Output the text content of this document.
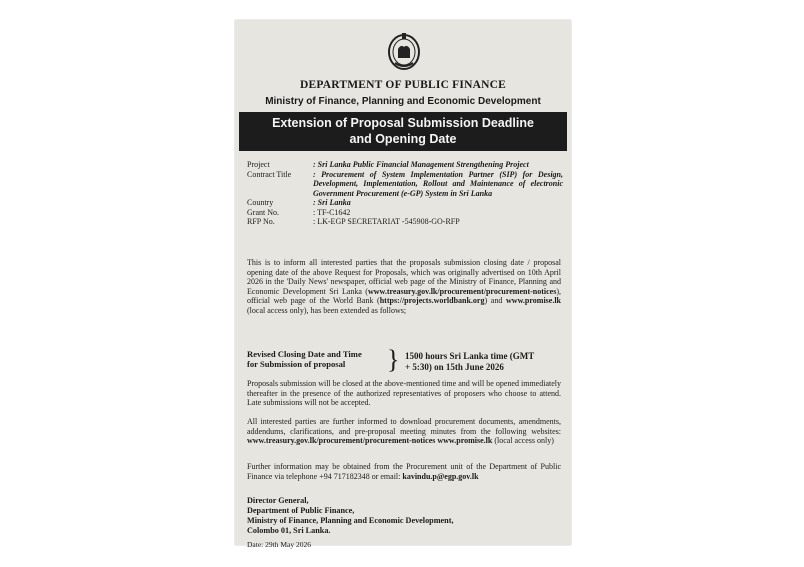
DEPARTMENT OF PUBLIC FINANCE
Ministry of Finance, Planning and Economic Development
Extension of Proposal Submission Deadline
and Opening Date
Project	: Sri Lanka Public Financial Management Strengthening Project
Contract Title	: Procurement of System Implementation Partner (SIP) for Design, Development, Implementation, Rollout and Maintenance of electronic Government Procurement (e-GP) System in Sri Lanka
Country	: Sri Lanka
Grant No.	: TF-C1642
RFP No.	: LK-EGP SECRETARIAT -545908-GO-RFP
This is to inform all interested parties that the proposals submission closing date / proposal opening date of the above Request for Proposals, which was originally advertised on 10th April 2026 in the 'Daily News' newspaper, official web page of the Ministry of Finance, Planning and Economic Development Sri Lanka (www.treasury.gov.lk/procurement/procurement-notices), official web page of the World Bank (https://projects.worldbank.org) and www.promise.lk (local access only), has been extended as follows;
Revised Closing Date and Time
for Submission of proposal	} 1500 hours Sri Lanka time (GMT
+ 5:30) on 15th June 2026
Proposals submission will be closed at the above-mentioned time and will be opened immediately thereafter in the presence of the authorized representatives of proposers who choose to attend. Late submissions will not be accepted.
All interested parties are further informed to download procurement documents, amendments, addendums, clarifications, and pre-proposal meeting minutes from the following websites: www.treasury.gov.lk/procurement/procurement-notices www.promise.lk (local access only)
Further information may be obtained from the Procurement unit of the Department of Public Finance via telephone +94 717182348 or email: kavindu.p@egp.gov.lk
Director General,
Department of Public Finance,
Ministry of Finance, Planning and Economic Development,
Colombo 01, Sri Lanka.
Date: 29th May 2026
